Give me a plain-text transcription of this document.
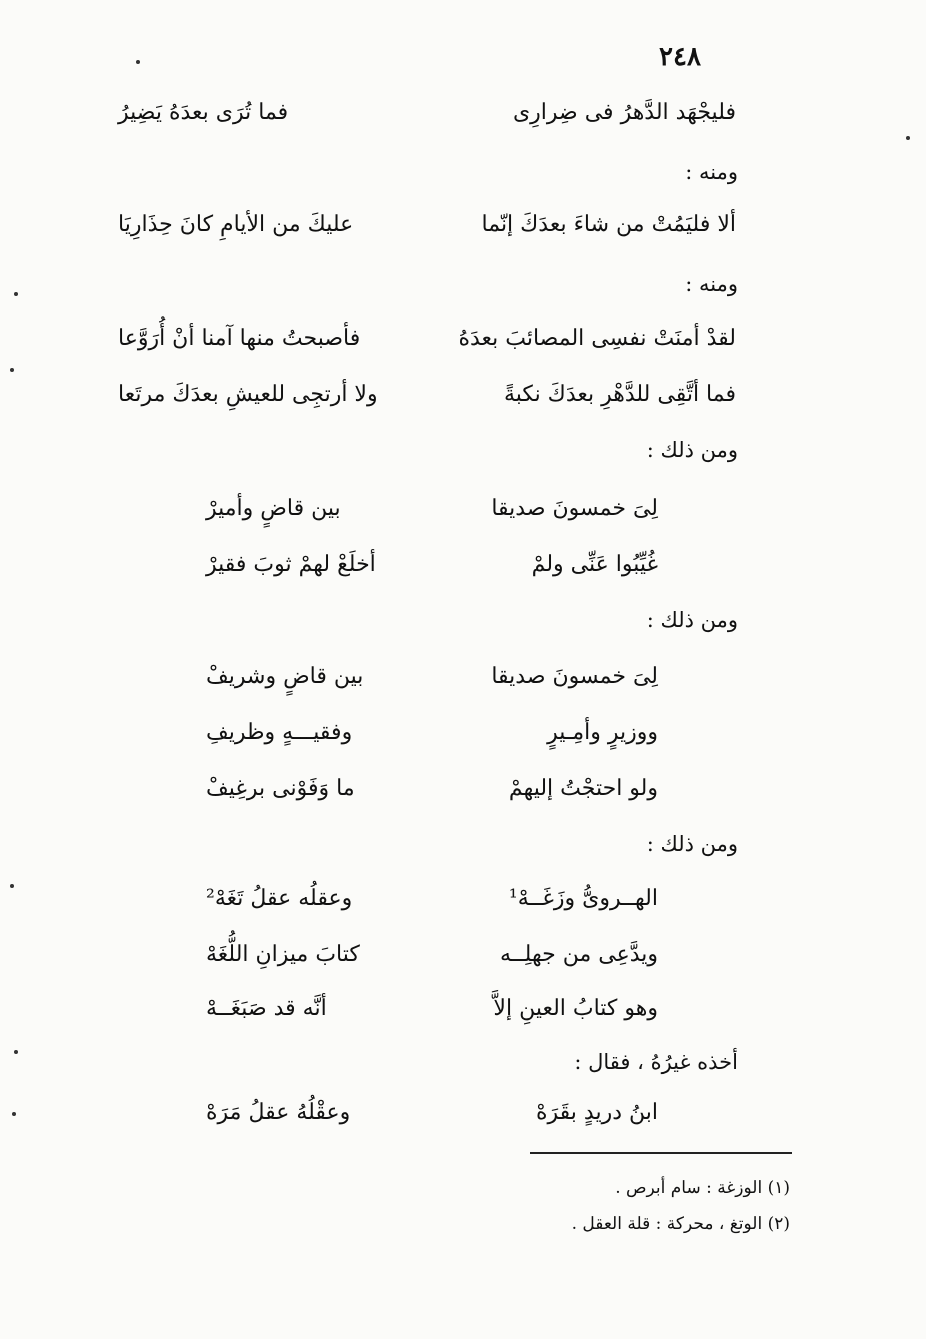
٢٤٨
فليجْهَد الدَّهرُ فى ضِرارِى
فما تُرَى بعدَهُ يَضِيرُ
ومنه :
ألا فليَمُتْ من شاءَ بعدَكَ إنّما
عليكَ من الأيامِ كانَ حِذَارِيَا
ومنه :
لقدْ أمنَتْ نفسِى المصائبَ بعدَهُ
فأصبحتُ منها آمنا أنْ أُرَوَّعا
فما أتَّقِى للدَّهْرِ بعدَكَ نكبةً
ولا أرتجِى للعيشِ بعدَكَ مرتَعا
ومن ذلك :
لِىَ خمسونَ صديقا
بين قاضٍ وأميرْ
غُيِّبُوا عَنِّى ولمْ
أخلَعْ لهمْ ثوبَ فقيرْ
ومن ذلك :
لِىَ خمسونَ صديقا
بين قاضٍ وشريفْ
ووزيرٍ وأمِـيرٍ
وفقيـــهٍ وظريفِ
ولو احتجْتُ إليهمْ
ما وَفَوْنى برغِيفْ
ومن ذلك :
الهــروىُّ وزَغَــهْ¹
وعقلُه عقلُ تَغَهْ²
ويدَّعِى من جهلِــه
كتابَ ميزانِ اللُّغَهْ
وهو كتابُ العينِ إلاَّ
أنَّه قد صَبَغَــهْ
أخذه غيرُهُ ، فقال :
ابنُ دريدٍ بقَرَهْ
وعقْلُهُ عقلُ مَرَهْ
(١) الوزغة : سام أبرص .
(٢) الوتغ ، محركة : قلة العقل .
